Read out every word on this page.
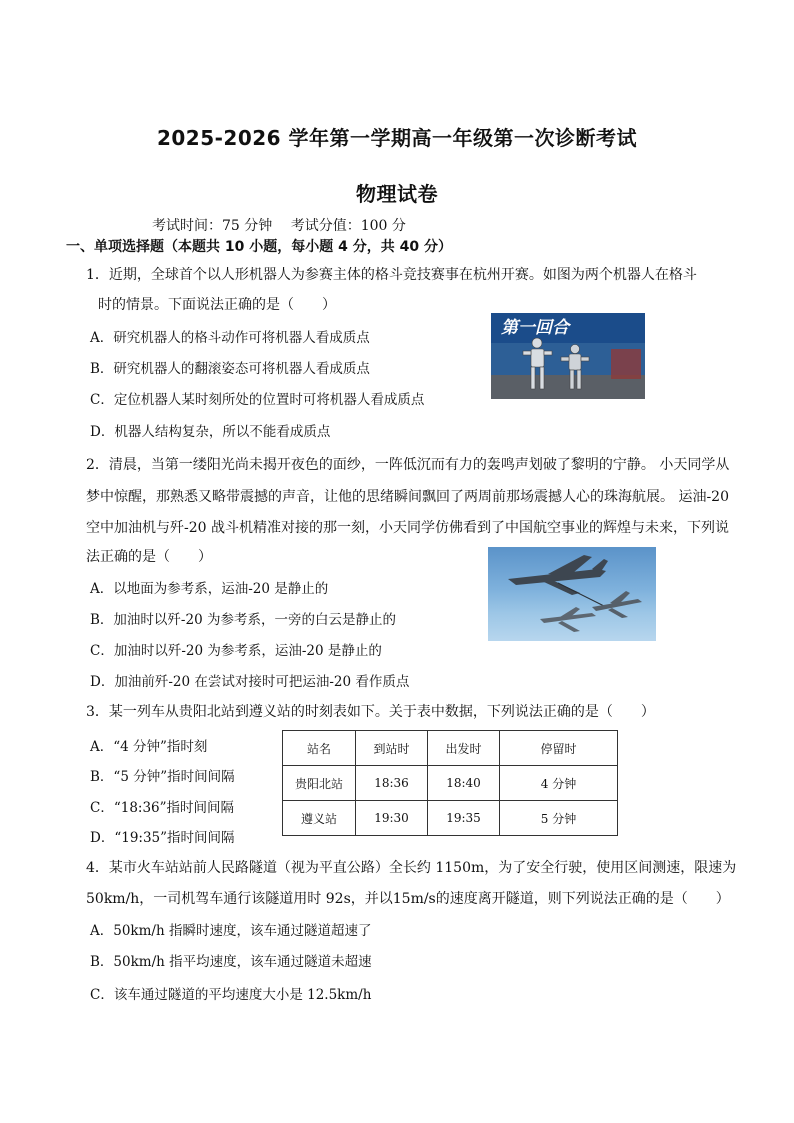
2025-2026 学年第一学期高一年级第一次诊断考试
物理试卷
考试时间：75 分钟 考试分值：100 分
一、单项选择题（本题共 10 小题，每小题 4 分，共 40 分）
1．近期，全球首个以人形机器人为参赛主体的格斗竞技赛事在杭州开赛。如图为两个机器人在格斗
时的情景。下面说法正确的是（　　）
A．研究机器人的格斗动作可将机器人看成质点
B．研究机器人的翻滚姿态可将机器人看成质点
C．定位机器人某时刻所处的位置时可将机器人看成质点
D．机器人结构复杂，所以不能看成质点
第一回合
2．清晨，当第一缕阳光尚未揭开夜色的面纱，一阵低沉而有力的轰鸣声划破了黎明的宁静。 小天同学从
梦中惊醒，那熟悉又略带震撼的声音，让他的思绪瞬间飘回了两周前那场震撼人心的珠海航展。 运油-20
空中加油机与歼-20 战斗机精准对接的那一刻，小天同学仿佛看到了中国航空事业的辉煌与未来，下列说
法正确的是（　　）
A．以地面为参考系，运油-20 是静止的
B．加油时以歼-20 为参考系，一旁的白云是静止的
C．加油时以歼-20 为参考系，运油-20 是静止的
D．加油前歼-20 在尝试对接时可把运油-20 看作质点
3．某一列车从贵阳北站到遵义站的时刻表如下。关于表中数据，下列说法正确的是（　　）
A．“4 分钟”指时刻
B．“5 分钟”指时间间隔
C．“18:36”指时间间隔
D．“19:35”指时间间隔
站名	到站时	出发时	停留时
贵阳北站	18:36	18:40	4 分钟
遵义站	19:30	19:35	5 分钟
4．某市火车站站前人民路隧道（视为平直公路）全长约 1150m，为了安全行驶，使用区间测速，限速为
50km/h，一司机驾车通行该隧道用时 92s，并以15m/s的速度离开隧道，则下列说法正确的是（　　）
A．50km/h 指瞬时速度，该车通过隧道超速了
B．50km/h 指平均速度，该车通过隧道未超速
C．该车通过隧道的平均速度大小是 12.5km/h
